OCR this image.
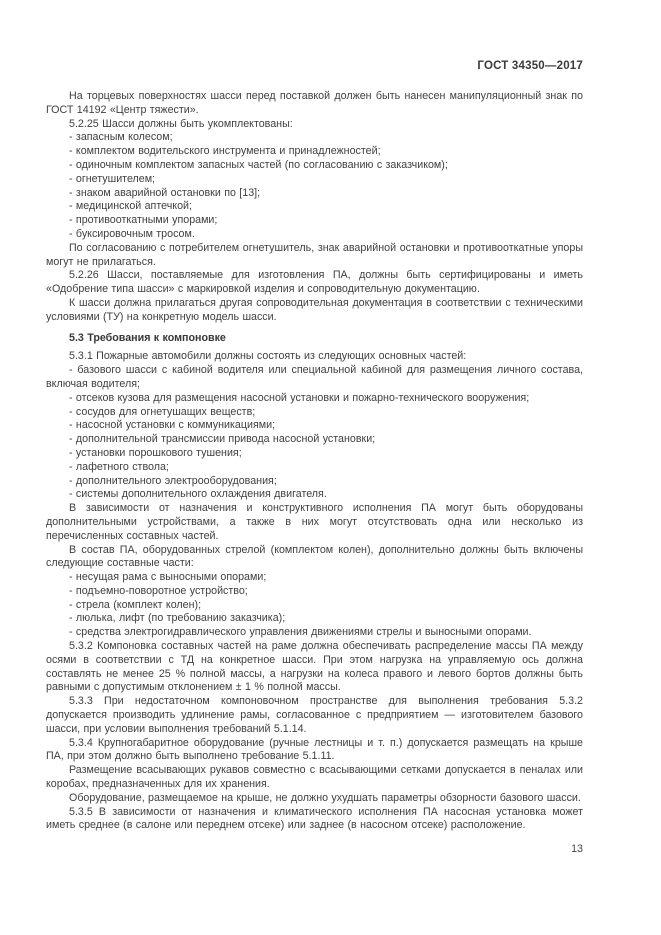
ГОСТ 34350—2017

На торцевых поверхностях шасси перед поставкой должен быть нанесен манипуляционный знак по ГОСТ 14192 «Центр тяжести».

5.2.25 Шасси должны быть укомплектованы:

- запасным колесом;

- комплектом водительского инструмента и принадлежностей;

- одиночным комплектом запасных частей (по согласованию с заказчиком);

- огнетушителем;

- знаком аварийной остановки по [13];

- медицинской аптечкой;

- противооткатными упорами;

- буксировочным тросом.

По согласованию с потребителем огнетушитель, знак аварийной остановки и противооткатные упоры могут не прилагаться.

5.2.26 Шасси, поставляемые для изготовления ПА, должны быть сертифицированы и иметь «Одобрение типа шасси» с маркировкой изделия и сопроводительную документацию.

К шасси должна прилагаться другая сопроводительная документация в соответствии с техническими условиями (ТУ) на конкретную модель шасси.

5.3 Требования к компоновке

5.3.1 Пожарные автомобили должны состоять из следующих основных частей:

- базового шасси с кабиной водителя или специальной кабиной для размещения личного состава, включая водителя;

- отсеков кузова для размещения насосной установки и пожарно-технического вооружения;

- сосудов для огнетушащих веществ;

- насосной установки с коммуникациями;

- дополнительной трансмиссии привода насосной установки;

- установки порошкового тушения;

- лафетного ствола;

- дополнительного электрооборудования;

- системы дополнительного охлаждения двигателя.

В зависимости от назначения и конструктивного исполнения ПА могут быть оборудованы дополнительными устройствами, а также в них могут отсутствовать одна или несколько из перечисленных составных частей.

В состав ПА, оборудованных стрелой (комплектом колен), дополнительно должны быть включены следующие составные части:

- несущая рама с выносными опорами;

- подъемно-поворотное устройство;

- стрела (комплект колен);

- люлька, лифт (по требованию заказчика);

- средства электрогидравлического управления движениями стрелы и выносными опорами.

5.3.2 Компоновка составных частей на раме должна обеспечивать распределение массы ПА между осями в соответствии с ТД на конкретное шасси. При этом нагрузка на управляемую ось должна составлять не менее 25 % полной массы, а нагрузки на колеса правого и левого бортов должны быть равными с допустимым отклонением ± 1 % полной массы.

5.3.3 При недостаточном компоновочном пространстве для выполнения требования 5.3.2 допускается производить удлинение рамы, согласованное с предприятием — изготовителем базового шасси, при условии выполнения требований 5.1.14.

5.3.4 Крупногабаритное оборудование (ручные лестницы и т. п.) допускается размещать на крыше ПА, при этом должно быть выполнено требование 5.1.11.

Размещение всасывающих рукавов совместно с всасывающими сетками допускается в пеналах или коробах, предназначенных для их хранения.

Оборудование, размещаемое на крыше, не должно ухудшать параметры обзорности базового шасси.

5.3.5 В зависимости от назначения и климатического исполнения ПА насосная установка может иметь среднее (в салоне или переднем отсеке) или заднее (в насосном отсеке) расположение.

13
